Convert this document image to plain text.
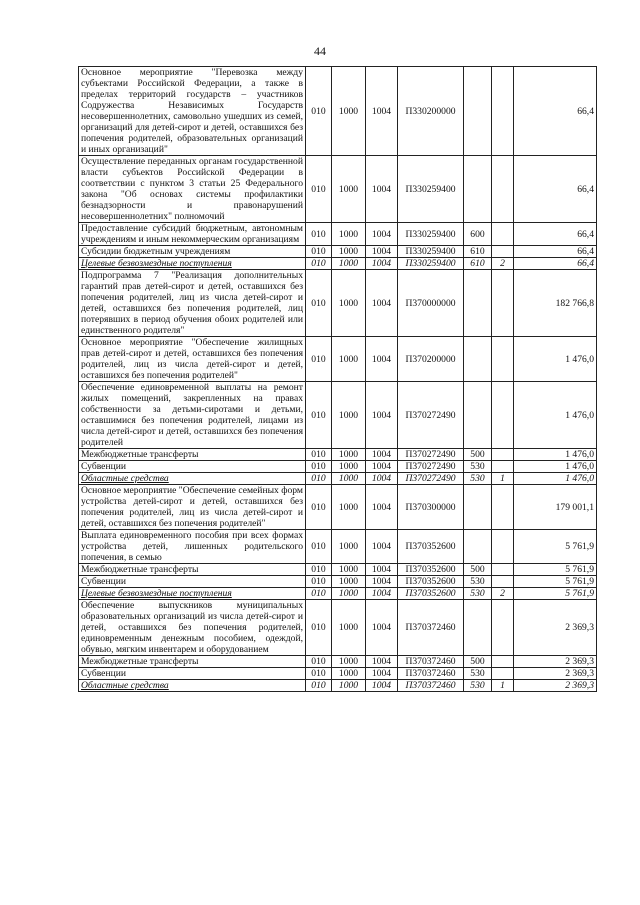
44
Основное мероприятие "Перевозка между субъектами Российской Федерации, а также в пределах территорий государств – участников Содружества Независимых Государств несовершеннолетних, самовольно ушедших из семей, организаций для детей-сирот и детей, оставшихся без попечения родителей, образовательных организаций и иных организаций"	010	1000	1004	П330200000			66,4
Осуществление переданных органам государственной власти субъектов Российской Федерации в соответствии с пунктом 3 статьи 25 Федерального закона "Об основах системы профилактики безнадзорности и правонарушений несовершеннолетних" полномочий	010	1000	1004	П330259400			66,4
Предоставление субсидий бюджетным, автономным учреждениям и иным некоммерческим организациям	010	1000	1004	П330259400	600		66,4
Субсидии бюджетным учреждениям	010	1000	1004	П330259400	610		66,4
Целевые безвозмездные поступления	010	1000	1004	П330259400	610	2	66,4
Подпрограмма 7 "Реализация дополнительных гарантий прав детей-сирот и детей, оставшихся без попечения родителей, лиц из числа детей-сирот и детей, оставшихся без попечения родителей, лиц потерявших в период обучения обоих родителей или единственного родителя"	010	1000	1004	П370000000			182 766,8
Основное мероприятие "Обеспечение жилищных прав детей-сирот и детей, оставшихся без попечения родителей, лиц из числа детей-сирот и детей, оставшихся без попечения родителей"	010	1000	1004	П370200000			1 476,0
Обеспечение единовременной выплаты на ремонт жилых помещений, закрепленных на правах собственности за детьми-сиротами и детьми, оставшимися без попечения родителей, лицами из числа детей-сирот и детей, оставшихся без попечения родителей	010	1000	1004	П370272490			1 476,0
Межбюджетные трансферты	010	1000	1004	П370272490	500		1 476,0
Субвенции	010	1000	1004	П370272490	530		1 476,0
Областные средства	010	1000	1004	П370272490	530	1	1 476,0
Основное мероприятие "Обеспечение семейных форм устройства детей-сирот и детей, оставшихся без попечения родителей, лиц из числа детей-сирот и детей, оставшихся без попечения родителей"	010	1000	1004	П370300000			179 001,1
Выплата единовременного пособия при всех формах устройства детей, лишенных родительского попечения, в семью	010	1000	1004	П370352600			5 761,9
Межбюджетные трансферты	010	1000	1004	П370352600	500		5 761,9
Субвенции	010	1000	1004	П370352600	530		5 761,9
Целевые безвозмездные поступления	010	1000	1004	П370352600	530	2	5 761,9
Обеспечение выпускников муниципальных образовательных организаций из числа детей-сирот и детей, оставшихся без попечения родителей, единовременным денежным пособием, одеждой, обувью, мягким инвентарем и оборудованием	010	1000	1004	П370372460			2 369,3
Межбюджетные трансферты	010	1000	1004	П370372460	500		2 369,3
Субвенции	010	1000	1004	П370372460	530		2 369,3
Областные средства	010	1000	1004	П370372460	530	1	2 369,3
